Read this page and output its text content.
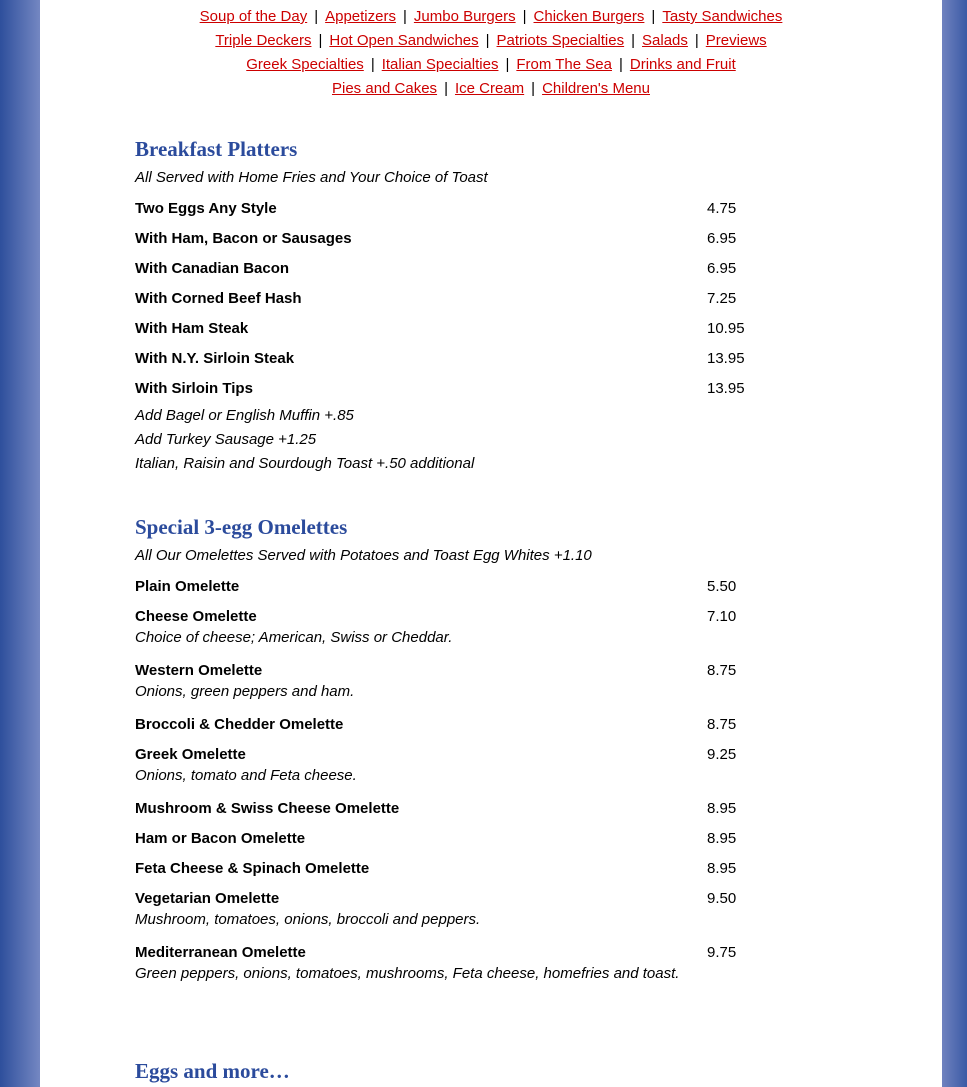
Soup of the Day | Appetizers | Jumbo Burgers | Chicken Burgers | Tasty Sandwiches
Triple Deckers | Hot Open Sandwiches | Patriots Specialties | Salads | Previews
Greek Specialties | Italian Specialties | From The Sea | Drinks and Fruit
Pies and Cakes | Ice Cream | Children's Menu
Breakfast Platters
All Served with Home Fries and Your Choice of Toast
Two Eggs Any Style	4.75
With Ham, Bacon or Sausages	6.95
With Canadian Bacon	6.95
With Corned Beef Hash	7.25
With Ham Steak	10.95
With N.Y. Sirloin Steak	13.95
With Sirloin Tips	13.95
Add Bagel or English Muffin +.85
Add Turkey Sausage +1.25
Italian, Raisin and Sourdough Toast +.50 additional
Special 3-egg Omelettes
All Our Omelettes Served with Potatoes and Toast Egg Whites +1.10
Plain Omelette	5.50
Cheese Omelette	7.10
Choice of cheese; American, Swiss or Cheddar.
Western Omelette	8.75
Onions, green peppers and ham.
Broccoli & Chedder Omelette	8.75
Greek Omelette	9.25
Onions, tomato and Feta cheese.
Mushroom & Swiss Cheese Omelette	8.95
Ham or Bacon Omelette	8.95
Feta Cheese & Spinach Omelette	8.95
Vegetarian Omelette	9.50
Mushroom, tomatoes, onions, broccoli and peppers.
Mediterranean Omelette	9.75
Green peppers, onions, tomatoes, mushrooms, Feta cheese, homefries and toast.
Eggs and more…
